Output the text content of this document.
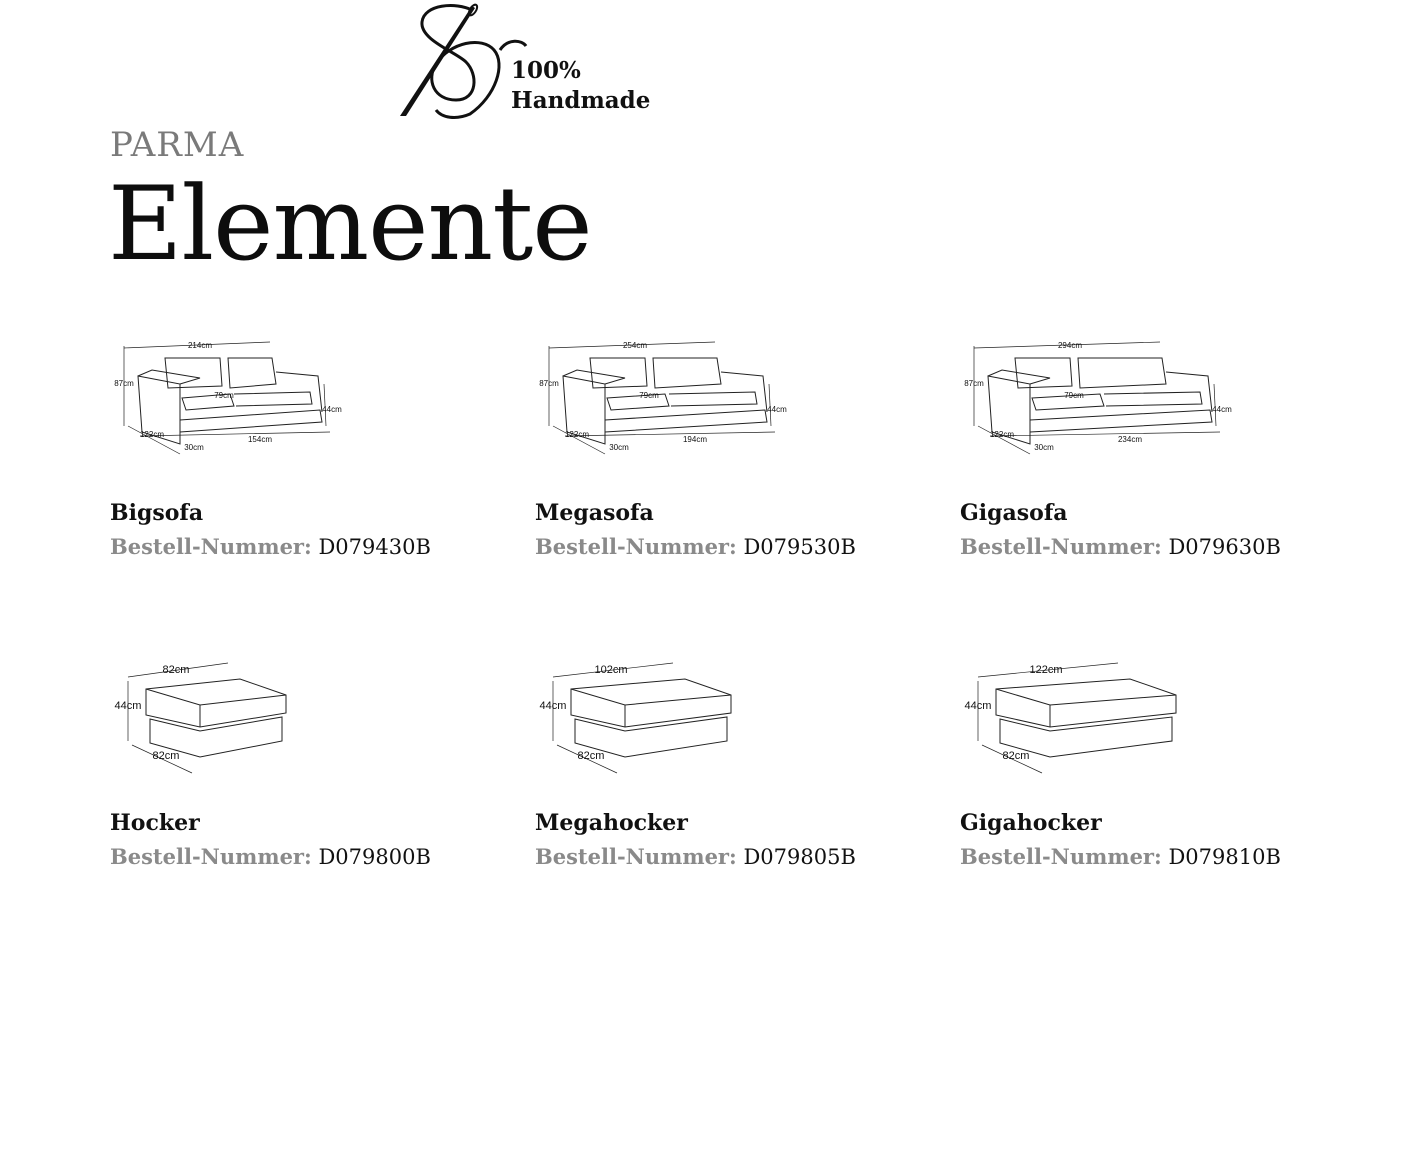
100%
Handmade
PARMA
Elemente
214cm
87cm
122cm
30cm
154cm
79cm
44cm
254cm
87cm
122cm
30cm
194cm
79cm
44cm
294cm
87cm
122cm
30cm
234cm
79cm
44cm
82cm
44cm
82cm
102cm
44cm
82cm
122cm
44cm
82cm
Bigsofa
Bestell-Nummer: D079430B
Megasofa
Bestell-Nummer: D079530B
Gigasofa
Bestell-Nummer: D079630B
Hocker
Bestell-Nummer: D079800B
Megahocker
Bestell-Nummer: D079805B
Gigahocker
Bestell-Nummer: D079810B
